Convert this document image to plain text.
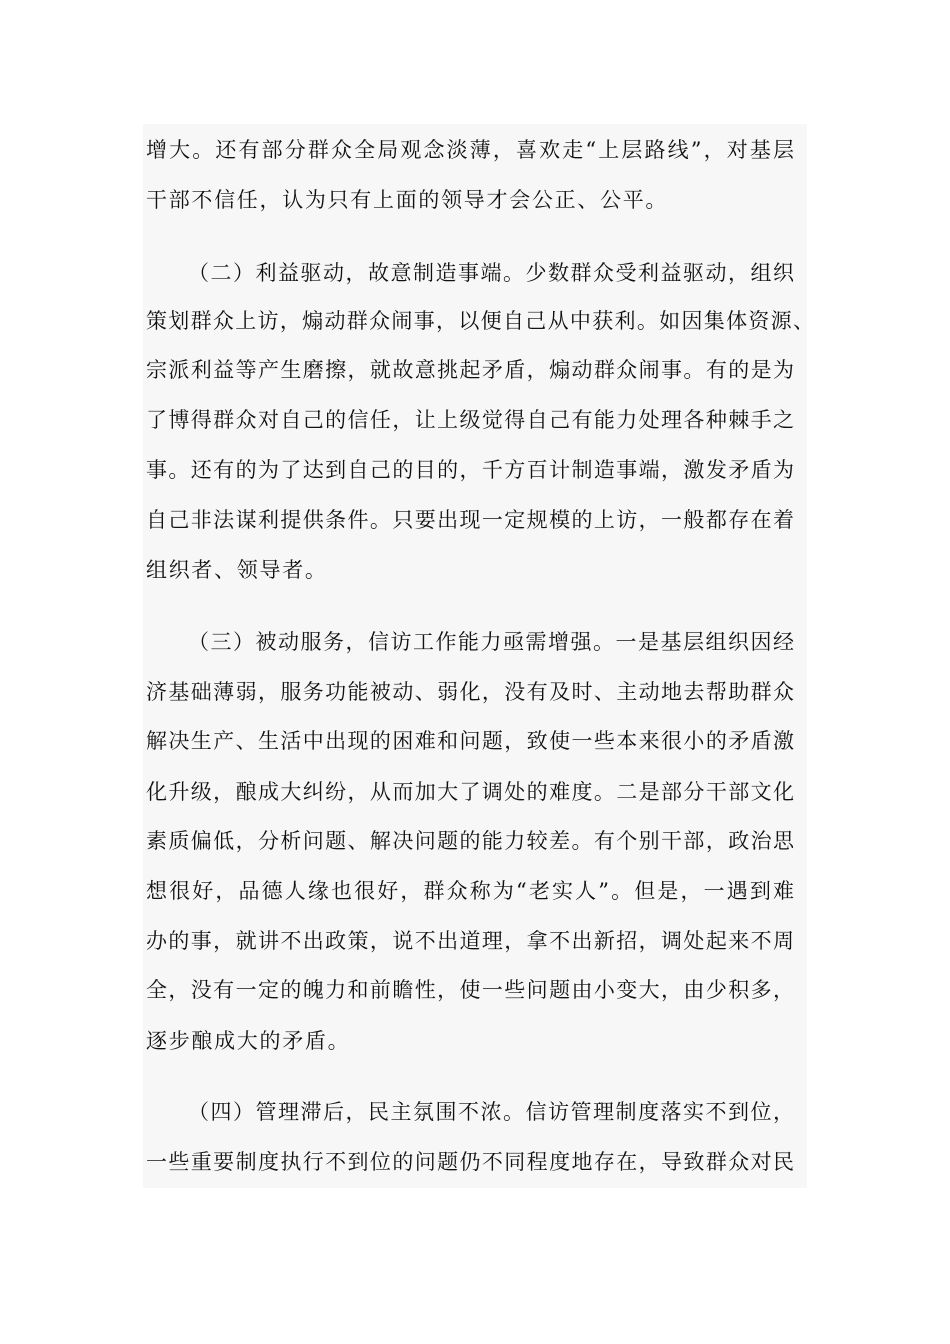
增大。还有部分群众全局观念淡薄，喜欢走“上层路线”，对基层
干部不信任，认为只有上面的领导才会公正、公平。
（二）利益驱动，故意制造事端。少数群众受利益驱动，组织
策划群众上访，煽动群众闹事，以便自己从中获利。如因集体资源、
宗派利益等产生磨擦，就故意挑起矛盾，煽动群众闹事。有的是为
了博得群众对自己的信任，让上级觉得自己有能力处理各种棘手之
事。还有的为了达到自己的目的，千方百计制造事端，激发矛盾为
自己非法谋利提供条件。只要出现一定规模的上访，一般都存在着
组织者、领导者。
（三）被动服务，信访工作能力亟需增强。一是基层组织因经
济基础薄弱，服务功能被动、弱化，没有及时、主动地去帮助群众
解决生产、生活中出现的困难和问题，致使一些本来很小的矛盾激
化升级，酿成大纠纷，从而加大了调处的难度。二是部分干部文化
素质偏低，分析问题、解决问题的能力较差。有个别干部，政治思
想很好，品德人缘也很好，群众称为“老实人”。但是，一遇到难
办的事，就讲不出政策，说不出道理，拿不出新招，调处起来不周
全，没有一定的魄力和前瞻性，使一些问题由小变大，由少积多，
逐步酿成大的矛盾。
（四）管理滞后，民主氛围不浓。信访管理制度落实不到位，
一些重要制度执行不到位的问题仍不同程度地存在，导致群众对民
